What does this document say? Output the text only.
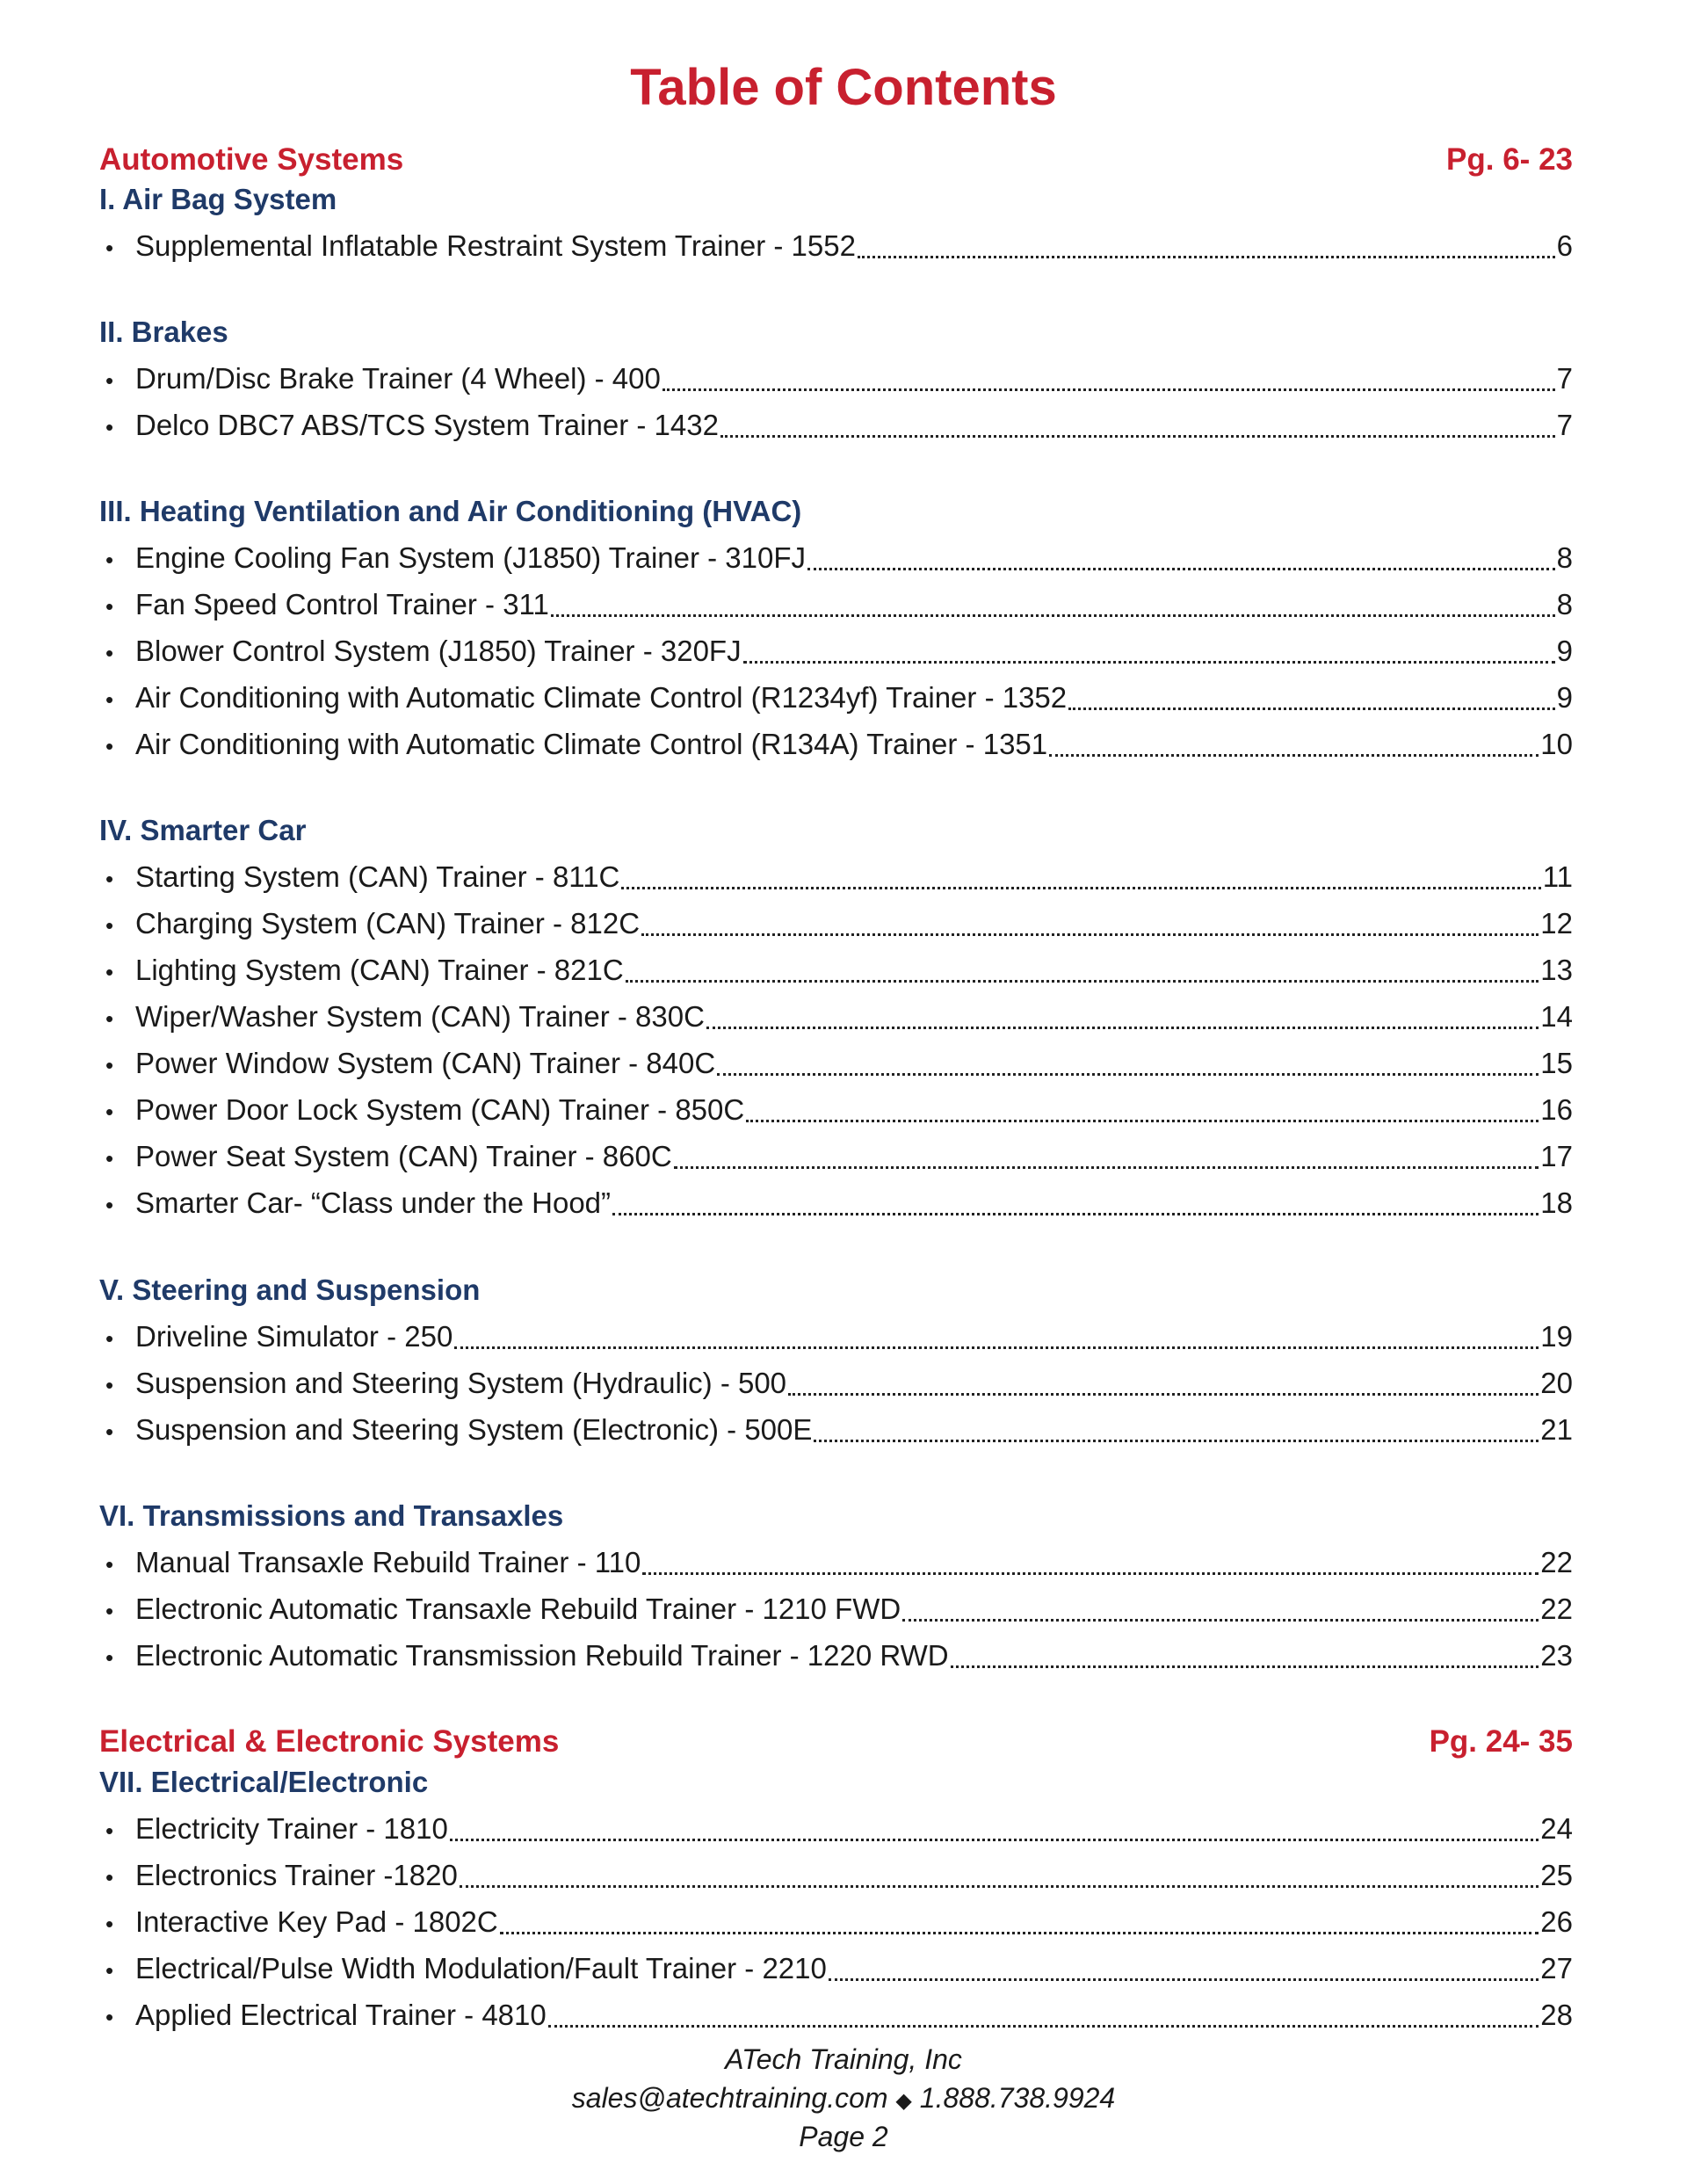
Table of Contents
Automotive Systems	Pg. 6- 23
I. Air Bag System
• Supplemental Inflatable Restraint System Trainer - 1552	6
II. Brakes
• Drum/Disc Brake Trainer (4 Wheel) - 400	7
• Delco DBC7 ABS/TCS System Trainer - 1432	7
III. Heating Ventilation and Air Conditioning (HVAC)
• Engine Cooling Fan System (J1850) Trainer - 310FJ	8
• Fan Speed Control Trainer - 311	8
• Blower Control System (J1850) Trainer - 320FJ	9
• Air Conditioning with Automatic Climate Control (R1234yf) Trainer - 1352	9
• Air Conditioning with Automatic Climate Control (R134A) Trainer - 1351	10
IV. Smarter Car
• Starting System (CAN) Trainer - 811C	11
• Charging System (CAN) Trainer - 812C	12
• Lighting System (CAN) Trainer - 821C	13
• Wiper/Washer System (CAN) Trainer - 830C	14
• Power Window System (CAN) Trainer - 840C	15
• Power Door Lock System (CAN) Trainer - 850C	16
• Power Seat System (CAN) Trainer - 860C	17
• Smarter Car- “Class under the Hood”	18
V. Steering and Suspension
• Driveline Simulator - 250	19
• Suspension and Steering System (Hydraulic) - 500	20
• Suspension and Steering System (Electronic) - 500E	21
VI. Transmissions and Transaxles
• Manual Transaxle Rebuild Trainer - 110	22
• Electronic Automatic Transaxle Rebuild Trainer - 1210 FWD	22
• Electronic Automatic Transmission Rebuild Trainer - 1220 RWD	23
Electrical & Electronic Systems	Pg. 24- 35
VII. Electrical/Electronic
• Electricity Trainer - 1810	24
• Electronics Trainer -1820	25
• Interactive Key Pad - 1802C	26
• Electrical/Pulse Width Modulation/Fault Trainer - 2210	27
• Applied Electrical Trainer - 4810	28
ATech Training, Inc
sales@atechtraining.com ◆ 1.888.738.9924
Page 2
